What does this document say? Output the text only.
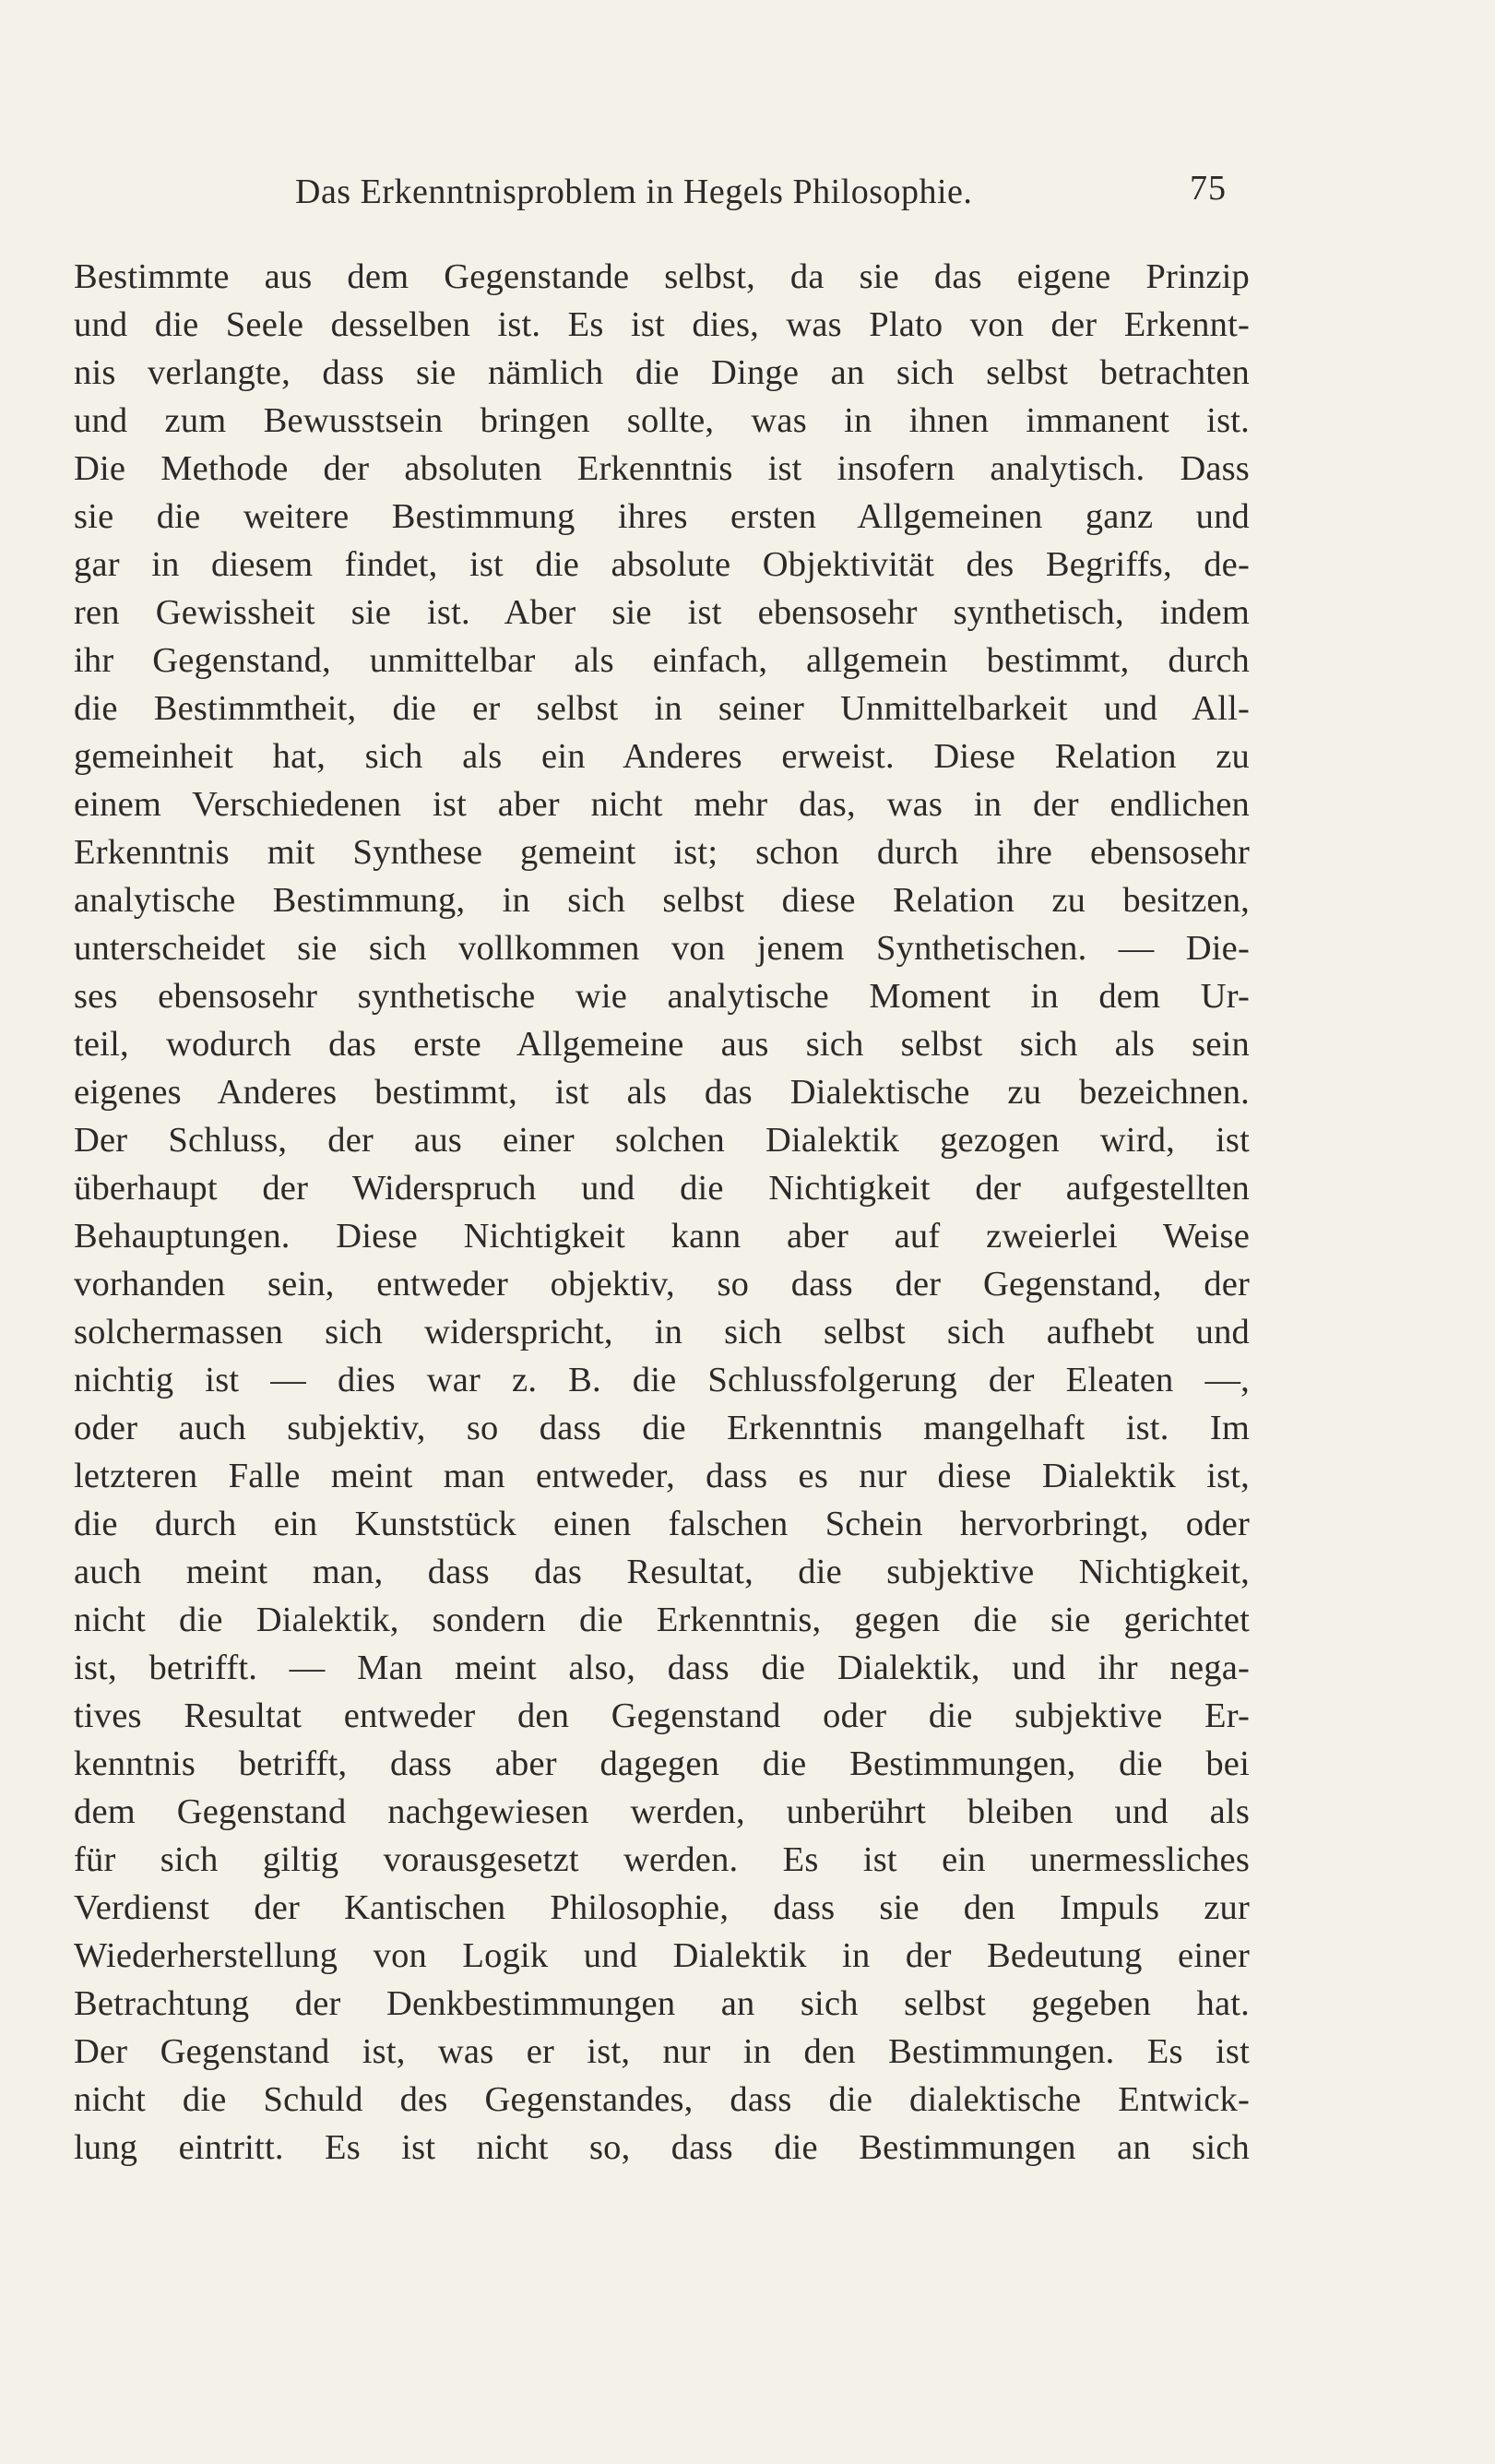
Das Erkenntnisproblem in Hegels Philosophie.	75
Bestimmte aus dem Gegenstande selbst, da sie das eigene Prinzip
und die Seele desselben ist. Es ist dies, was Plato von der Erkennt-
nis verlangte, dass sie nämlich die Dinge an sich selbst betrachten
und zum Bewusstsein bringen sollte, was in ihnen immanent ist.
Die Methode der absoluten Erkenntnis ist insofern analytisch. Dass
sie die weitere Bestimmung ihres ersten Allgemeinen ganz und
gar in diesem findet, ist die absolute Objektivität des Begriffs, de-
ren Gewissheit sie ist. Aber sie ist ebensosehr synthetisch, indem
ihr Gegenstand, unmittelbar als einfach, allgemein bestimmt, durch
die Bestimmtheit, die er selbst in seiner Unmittelbarkeit und All-
gemeinheit hat, sich als ein Anderes erweist. Diese Relation zu
einem Verschiedenen ist aber nicht mehr das, was in der endlichen
Erkenntnis mit Synthese gemeint ist; schon durch ihre ebensosehr
analytische Bestimmung, in sich selbst diese Relation zu besitzen,
unterscheidet sie sich vollkommen von jenem Synthetischen. — Die-
ses ebensosehr synthetische wie analytische Moment in dem Ur-
teil, wodurch das erste Allgemeine aus sich selbst sich als sein
eigenes Anderes bestimmt, ist als das Dialektische zu bezeichnen.
Der Schluss, der aus einer solchen Dialektik gezogen wird, ist
überhaupt der Widerspruch und die Nichtigkeit der aufgestellten
Behauptungen. Diese Nichtigkeit kann aber auf zweierlei Weise
vorhanden sein, entweder objektiv, so dass der Gegenstand, der
solchermassen sich widerspricht, in sich selbst sich aufhebt und
nichtig ist — dies war z. B. die Schlussfolgerung der Eleaten —,
oder auch subjektiv, so dass die Erkenntnis mangelhaft ist. Im
letzteren Falle meint man entweder, dass es nur diese Dialektik ist,
die durch ein Kunststück einen falschen Schein hervorbringt, oder
auch meint man, dass das Resultat, die subjektive Nichtigkeit,
nicht die Dialektik, sondern die Erkenntnis, gegen die sie gerichtet
ist, betrifft. — Man meint also, dass die Dialektik, und ihr nega-
tives Resultat entweder den Gegenstand oder die subjektive Er-
kenntnis betrifft, dass aber dagegen die Bestimmungen, die bei
dem Gegenstand nachgewiesen werden, unberührt bleiben und als
für sich giltig vorausgesetzt werden. Es ist ein unermessliches
Verdienst der Kantischen Philosophie, dass sie den Impuls zur
Wiederherstellung von Logik und Dialektik in der Bedeutung einer
Betrachtung der Denkbestimmungen an sich selbst gegeben hat.
Der Gegenstand ist, was er ist, nur in den Bestimmungen. Es ist
nicht die Schuld des Gegenstandes, dass die dialektische Entwick-
lung eintritt. Es ist nicht so, dass die Bestimmungen an sich
